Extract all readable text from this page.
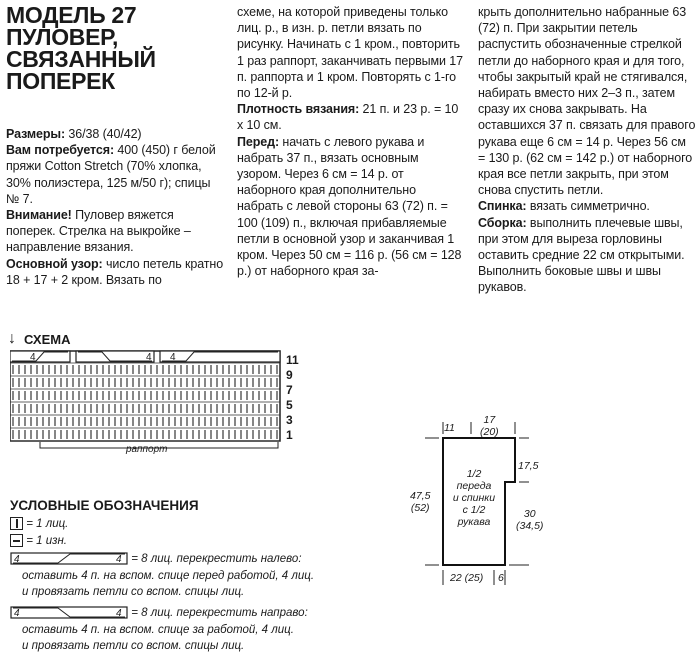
МОДЕЛЬ 27
ПУЛОВЕР,
СВЯЗАННЫЙ
ПОПЕРЕК

Размеры: 36/38 (40/42)

Вам потребуется: 400 (450) г белой пряжи Cotton Stretch (70% хлопка, 30% полиэстера, 125 м/50 г); спицы № 7.

Внимание! Пуловер вяжется поперек. Стрелка на выкройке – направление вязания.

Основной узор: число петель кратно 18 + 17 + 2 кром. Вязать по

схеме, на которой приведены только лиц. р., в изн. р. петли вязать по рисунку. Начинать с 1 кром., повторить 1 раз раппорт, заканчивать первыми 17 п. раппорта и 1 кром. Повторять с 1-го по 12-й р.

Плотность вязания: 21 п. и 23 р. = 10 х 10 см.

Перед: начать с левого рукава и набрать 37 п., вязать основным узором. Через 6 см = 14 р. от наборного края дополнительно набрать с левой стороны 63 (72) п. = 100 (109) п., включая прибавляемые петли в основной узор и заканчивая 1 кром. Через 50 см = 116 р. (56 см = 128 р.) от наборного края за-

крыть дополнительно набранные 63 (72) п. При закрытии петель распустить обозначенные стрелкой петли до наборного края и для того, чтобы закрытый край не стягивался, набирать вместо них 2–3 п., затем сразу их снова закрывать. На оставшихся 37 п. связать для правого рукава еще 6 см = 14 р. Через 56 см = 130 р. (62 см = 142 р.) от наборного края все петли закрыть, при этом снова спустить петли.

Спинка: вязать симметрично.

Сборка: выполнить плечевые швы, при этом для выреза горловины оставить средние 22 см открытыми. Выполнить боковые швы и швы рукавов.

↓ СХЕМА
4	4 4	11
9
7
5
3
1
раппорт
УСЛОВНЫЕ ОБОЗНАЧЕНИЯ
= 1 лиц.
= 1 изн.
4	4 = 8 лиц. перекрестить налево:
оставить 4 п. на вспом. спице перед работой, 4 лиц.
и провязать петли со вспом. спицы лиц.
4	4 = 8 лиц. перекрестить направо:
оставить 4 п. на вспом. спице за работой, 4 лиц.
и провязать петли со вспом. спицы лиц.
11
17
(20)
17,5
47,5
(52)	30
(34,5)
1/2
переда
и спинки
с 1/2
рукава
22 (25) 6
